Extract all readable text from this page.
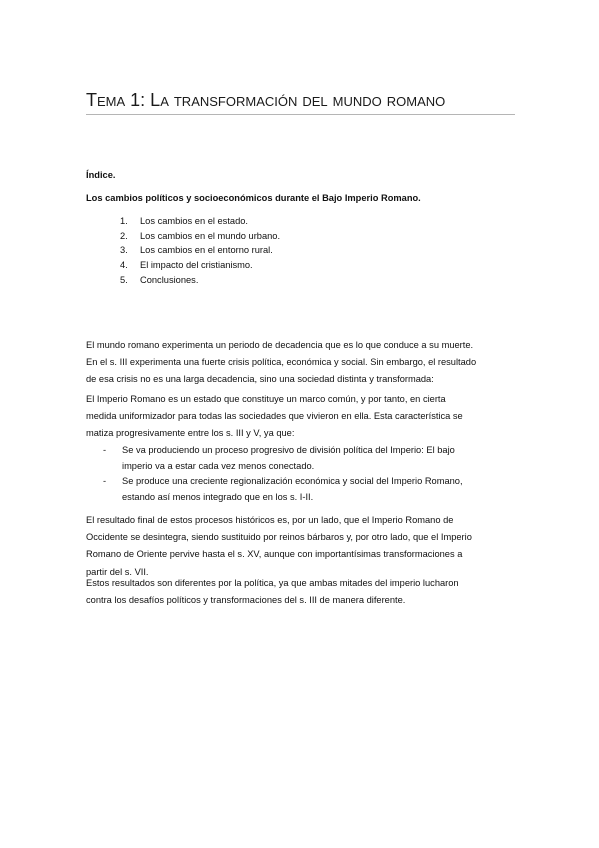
Tema 1: La transformación del mundo romano
Índice.
Los cambios políticos y socioeconómicos durante el Bajo Imperio Romano.
1. Los cambios en el estado.
2. Los cambios en el mundo urbano.
3. Los cambios en el entorno rural.
4. El impacto del cristianismo.
5. Conclusiones.

El mundo romano experimenta un periodo de decadencia que es lo que conduce a su muerte.
En el s. III experimenta una fuerte crisis política, económica y social. Sin embargo, el resultado
de esa crisis no es una larga decadencia, sino una sociedad distinta y transformada:

El Imperio Romano es un estado que constituye un marco común, y por tanto, en cierta
medida uniformizador para todas las sociedades que vivieron en ella. Esta característica se
matiza progresivamente entre los s. III y V, ya que:

- Se va produciendo un proceso progresivo de división política del Imperio: El bajo
imperio va a estar cada vez menos conectado.
- Se produce una creciente regionalización económica y social del Imperio Romano,
estando así menos integrado que en los s. I-II.

El resultado final de estos procesos históricos es, por un lado, que el Imperio Romano de
Occidente se desintegra, siendo sustituido por reinos bárbaros y, por otro lado, que el Imperio
Romano de Oriente pervive hasta el s. XV, aunque con importantísimas transformaciones a
partir del s. VII.

Estos resultados son diferentes por la política, ya que ambas mitades del imperio lucharon
contra los desafíos políticos y transformaciones del s. III de manera diferente.
